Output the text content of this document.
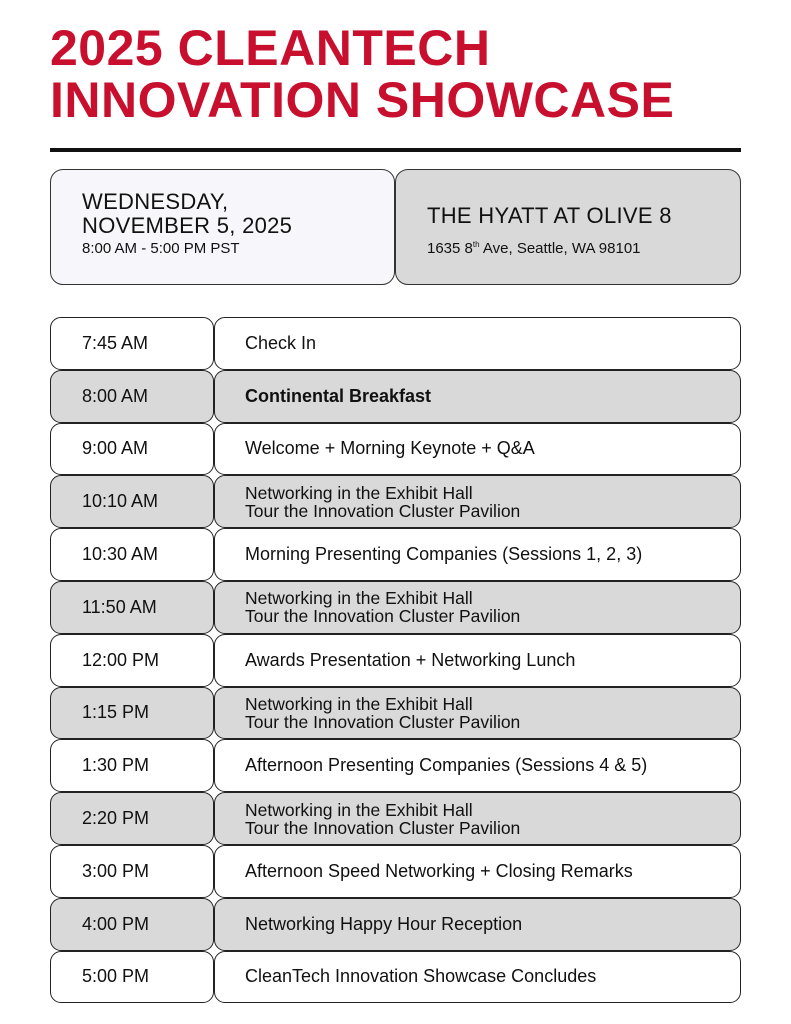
2025 CLEANTECH
INNOVATION SHOWCASE
WEDNESDAY,
NOVEMBER 5, 2025
8:00 AM - 5:00 PM PST
THE HYATT AT OLIVE 8
1635 8th Ave, Seattle, WA 98101
7:45 AM	Check In
8:00 AM	Continental Breakfast
9:00 AM	Welcome + Morning Keynote + Q&A
10:10 AM	Networking in the Exhibit Hall
Tour the Innovation Cluster Pavilion
10:30 AM	Morning Presenting Companies (Sessions 1, 2, 3)
11:50 AM	Networking in the Exhibit Hall
Tour the Innovation Cluster Pavilion
12:00 PM	Awards Presentation + Networking Lunch
1:15 PM	Networking in the Exhibit Hall
Tour the Innovation Cluster Pavilion
1:30 PM	Afternoon Presenting Companies (Sessions 4 & 5)
2:20 PM	Networking in the Exhibit Hall
Tour the Innovation Cluster Pavilion
3:00 PM	Afternoon Speed Networking + Closing Remarks
4:00 PM	Networking Happy Hour Reception
5:00 PM	CleanTech Innovation Showcase Concludes
